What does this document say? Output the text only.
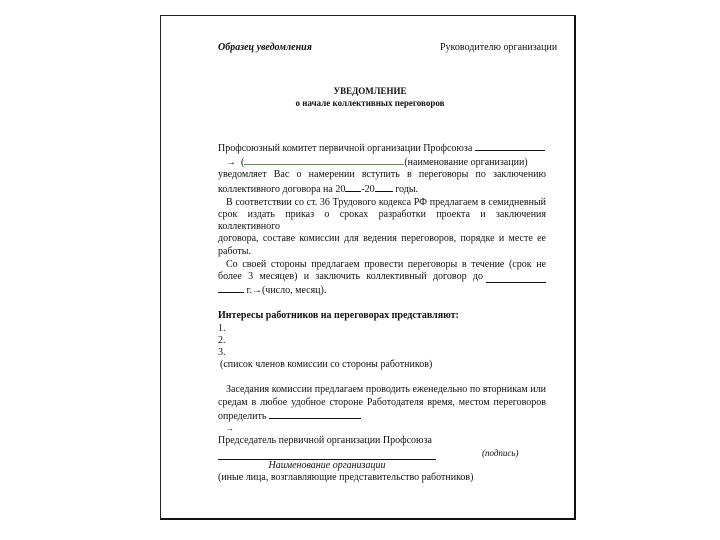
Образец уведомления	Руководителю организации
УВЕДОМЛЕНИЕ
о начале коллективных переговоров
Профсоюзный комитет первичной организации Профсоюза
→ (	(наименование организации)
уведомляет Вас о намерении вступить в переговоры по заключению
коллективного договора на 20 -20 годы.
В соответствии со ст. 36 Трудового кодекса РФ предлагаем в семидневный
срок издать приказ о сроках разработки проекта и заключения коллективного
договора, составе комиссии для ведения переговоров, порядке и месте ее
работы.
Со своей стороны предлагаем провести переговоры в течение (срок не
более 3 месяцев) и заключить коллективный договор до
г.→(число, месяц).
Интересы работников на переговорах представляют:
1.
2.
3.
(список членов комиссии со стороны работников)
Заседания комиссии предлагаем проводить еженедельно по вторникам или
средам в любое удобное стороне Работодателя время, местом переговоров
определить
→
Председатель первичной организации Профсоюза
(подпись)
Наименование организации
(иные лица, возглавляющие представительство работников)
